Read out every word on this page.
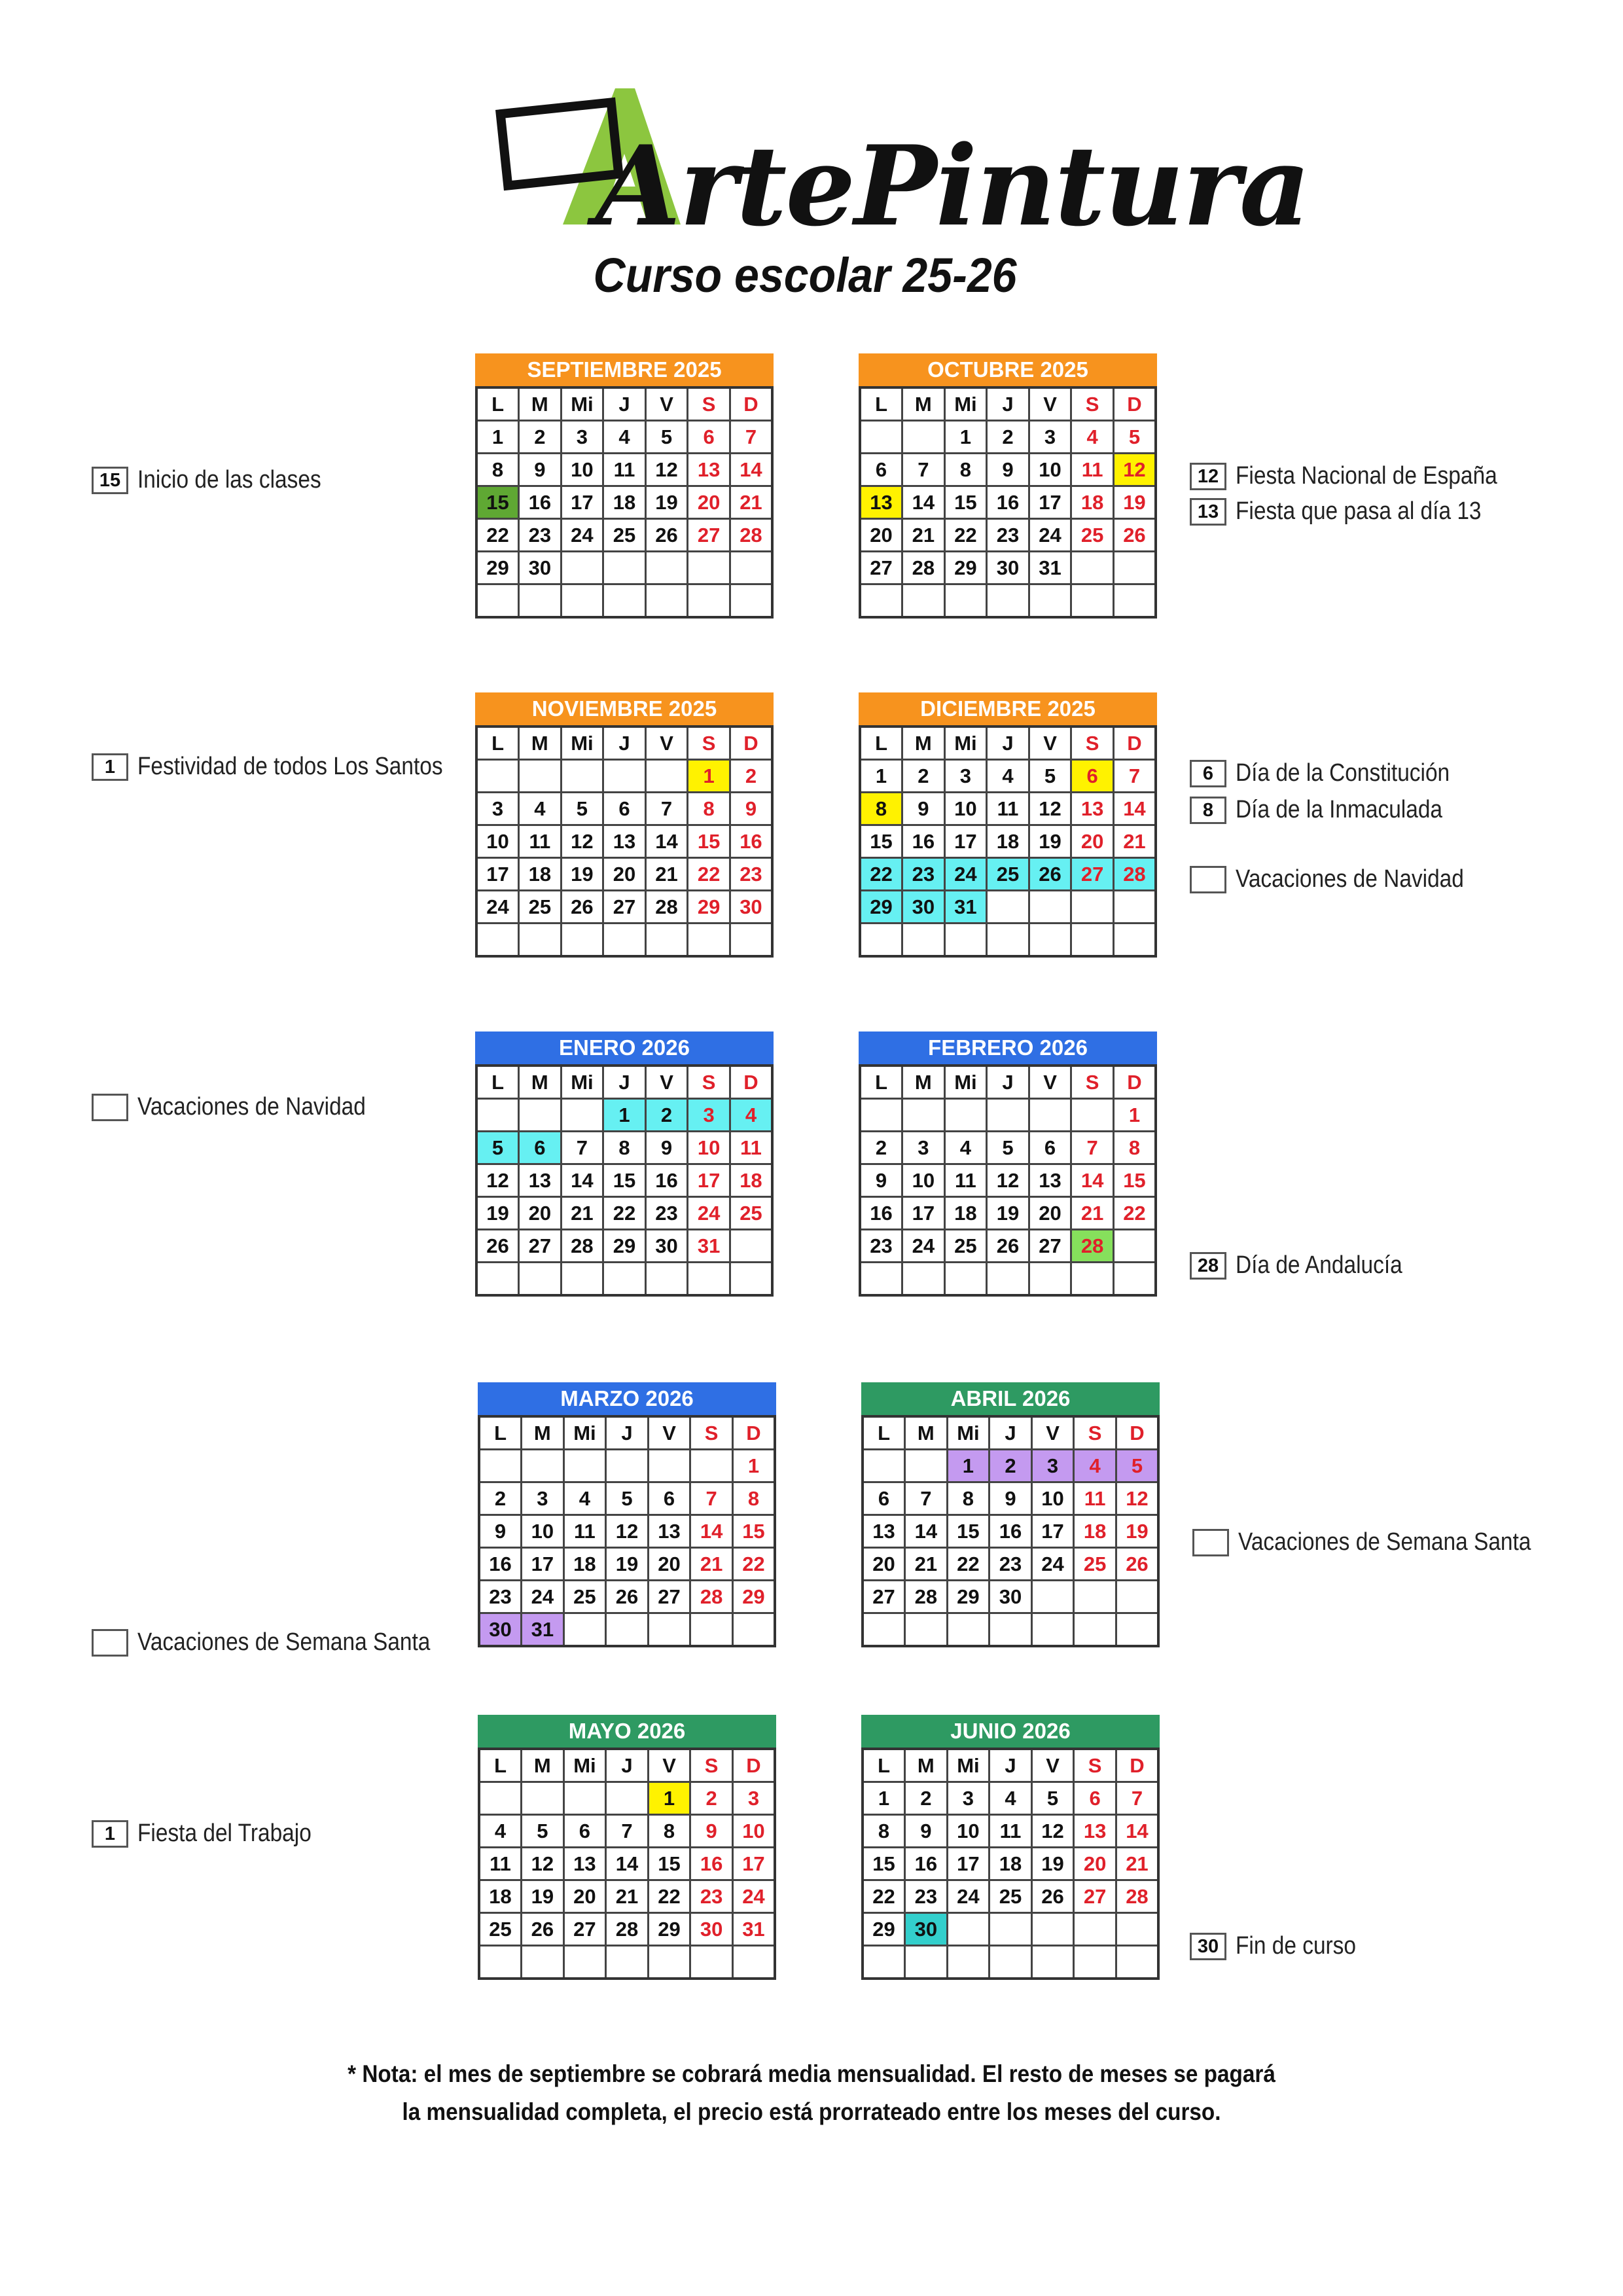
ArtePintura
Curso escolar 25-26
SEPTIEMBRE 2025
L	M	Mi	J	V	S	D
1	2	3	4	5	6	7
8	9	10	11	12	13	14
15	16	17	18	19	20	21
22	23	24	25	26	27	28
29	30					

OCTUBRE 2025
L	M	Mi	J	V	S	D
		1	2	3	4	5
6	7	8	9	10	11	12
13	14	15	16	17	18	19
20	21	22	23	24	25	26
27	28	29	30	31		

NOVIEMBRE 2025
L	M	Mi	J	V	S	D
					1	2
3	4	5	6	7	8	9
10	11	12	13	14	15	16
17	18	19	20	21	22	23
24	25	26	27	28	29	30

DICIEMBRE 2025
L	M	Mi	J	V	S	D
1	2	3	4	5	6	7
8	9	10	11	12	13	14
15	16	17	18	19	20	21
22	23	24	25	26	27	28
29	30	31				

ENERO 2026
L	M	Mi	J	V	S	D
			1	2	3	4
5	6	7	8	9	10	11
12	13	14	15	16	17	18
19	20	21	22	23	24	25
26	27	28	29	30	31	

FEBRERO 2026
L	M	Mi	J	V	S	D
						1
2	3	4	5	6	7	8
9	10	11	12	13	14	15
16	17	18	19	20	21	22
23	24	25	26	27	28	

MARZO 2026
L	M	Mi	J	V	S	D
						1
2	3	4	5	6	7	8
9	10	11	12	13	14	15
16	17	18	19	20	21	22
23	24	25	26	27	28	29
30	31					
ABRIL 2026
L	M	Mi	J	V	S	D
		1	2	3	4	5
6	7	8	9	10	11	12
13	14	15	16	17	18	19
20	21	22	23	24	25	26
27	28	29	30			

MAYO 2026
L	M	Mi	J	V	S	D
				1	2	3
4	5	6	7	8	9	10
11	12	13	14	15	16	17
18	19	20	21	22	23	24
25	26	27	28	29	30	31

JUNIO 2026
L	M	Mi	J	V	S	D
1	2	3	4	5	6	7
8	9	10	11	12	13	14
15	16	17	18	19	20	21
22	23	24	25	26	27	28
29	30					

15 Inicio de las clases	12 Fiesta Nacional de España
13 Fiesta que pasa al día 13
1 Festividad de todos Los Santos	6 Día de la Constitución
8 Día de la Inmaculada
Vacaciones de Navidad
Vacaciones de Navidad
28 Día de Andalucía
Vacaciones de Semana Santa
Vacaciones de Semana Santa
1 Fiesta del Trabajo
30 Fin de curso
* Nota: el mes de septiembre se cobrará media mensualidad. El resto de meses se pagará
la mensualidad completa, el precio está prorrateado entre los meses del curso.
